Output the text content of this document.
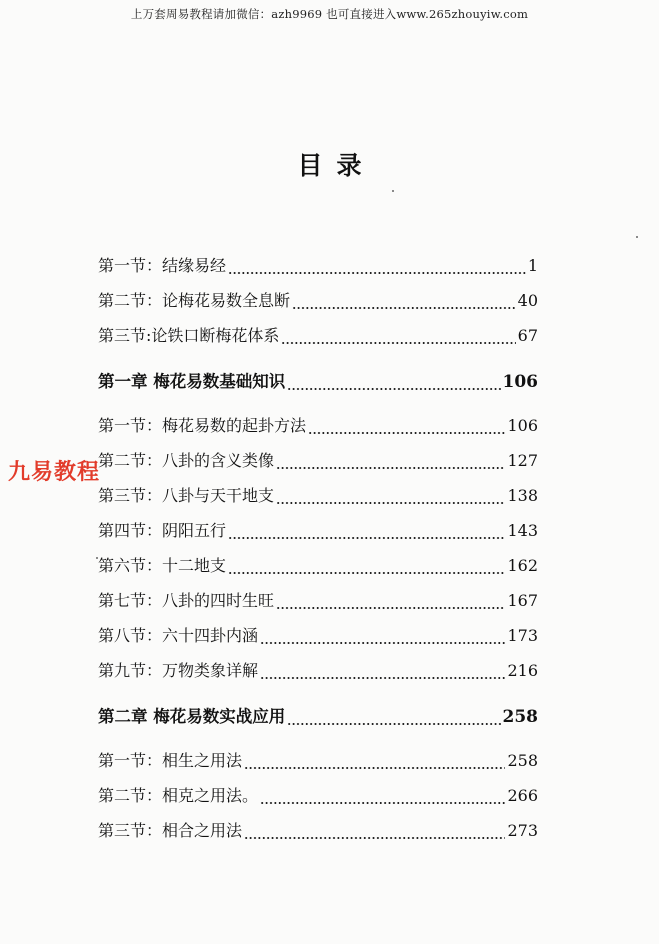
上万套周易教程请加微信：azh9969 也可直接进入www.265zhouyiw.com
目录
第一节：结缘易经	1
第二节：论梅花易数全息断	40
第三节:论铁口断梅花体系	67
第一章 梅花易数基础知识	106
第一节：梅花易数的起卦方法	106
第二节：八卦的含义类像	127
第三节：八卦与天干地支	138
第四节：阴阳五行	143
第六节：十二地支	162
第七节：八卦的四时生旺	167
第八节：六十四卦内涵	173
第九节：万物类象详解	216
第二章 梅花易数实战应用	258
第一节：相生之用法	258
第二节：相克之用法。	266
第三节：相合之用法	273
九易教程
